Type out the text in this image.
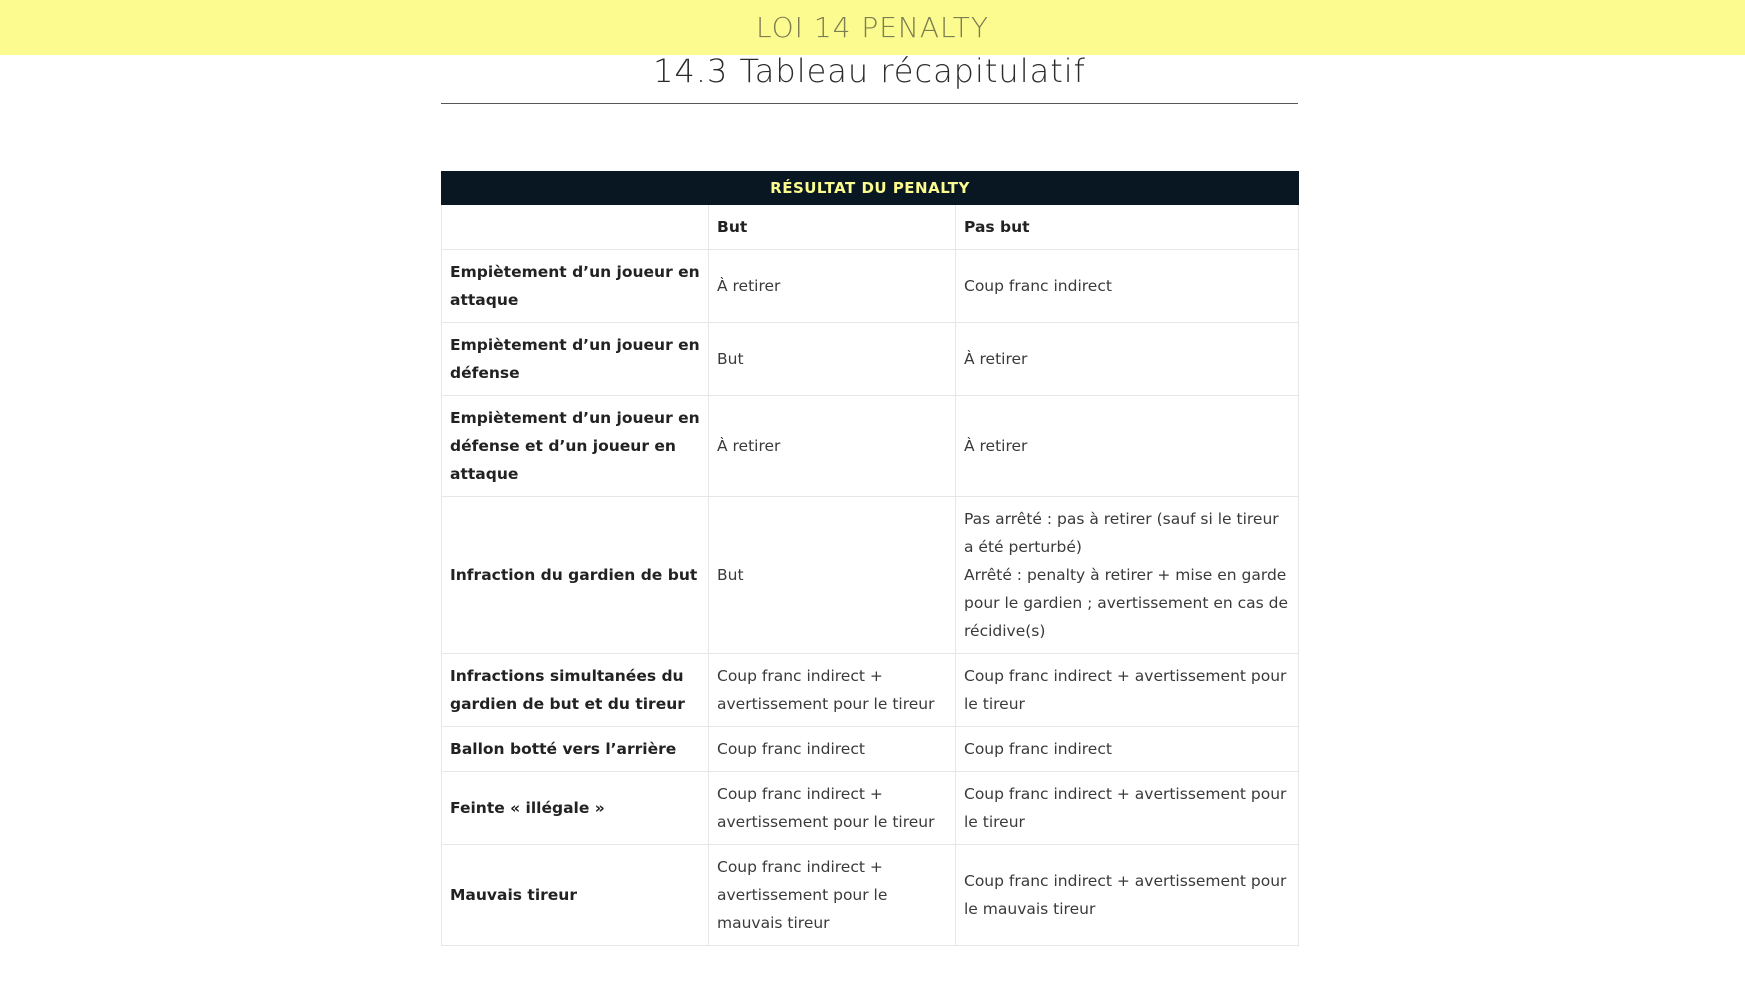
LOI 14 PENALTY
14.3 Tableau récapitulatif
RÉSULTAT DU PENALTY		
	But	Pas but
Empiètement d’un joueur en attaque	À retirer	Coup franc indirect

Empiètement d’un joueur en défense	But	À retirer

Empiètement d’un joueur en défense et d’un joueur en attaque	À retirer	À retirer

Infraction du gardien de but	But	Pas arrêté : pas à retirer (sauf si le tireur a été perturbé)
Arrêté : penalty à retirer + mise en garde pour le gardien ; avertissement en cas de récidive(s)

Infractions simultanées du gardien de but et du tireur	Coup franc indirect + avertissement pour le tireur	Coup franc indirect + avertissement pour le tireur

Ballon botté vers l’arrière	Coup franc indirect	Coup franc indirect

Feinte « illégale »	Coup franc indirect + avertissement pour le tireur	Coup franc indirect + avertissement pour le tireur

Mauvais tireur	Coup franc indirect + avertissement pour le mauvais tireur	Coup franc indirect + avertissement pour le mauvais tireur
